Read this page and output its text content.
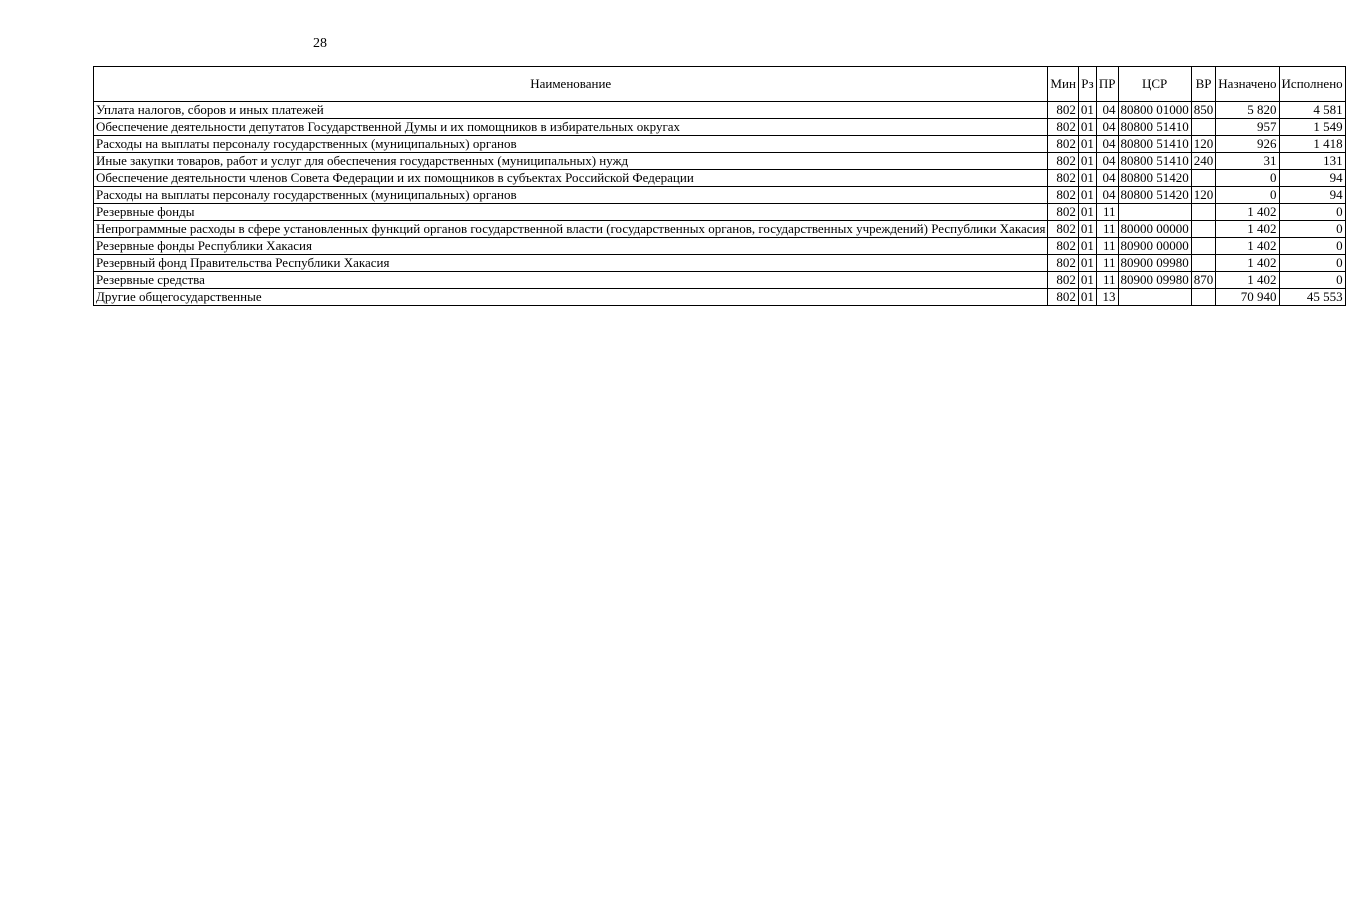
28
Наименование	Мин	Рз	ПР	ЦСР	ВР	Назначено	Исполнено
Уплата налогов, сборов и иных платежей	802	01	04	80800 01000	850	5 820	4 581
Обеспечение деятельности депутатов Государственной Думы и их помощников в избирательных округах	802	01	04	80800 51410		957	1 549
Расходы на выплаты персоналу государственных (муниципальных) органов	802	01	04	80800 51410	120	926	1 418
Иные закупки товаров, работ и услуг для обеспечения государственных (муниципальных) нужд	802	01	04	80800 51410	240	31	131
Обеспечение деятельности членов Совета Федерации и их помощников в субъектах Российской Федерации	802	01	04	80800 51420		0	94
Расходы на выплаты персоналу государственных (муниципальных) органов	802	01	04	80800 51420	120	0	94
Резервные фонды	802	01	11			1 402	0
Непрограммные расходы в сфере установленных функций органов государственной власти (государственных органов, государственных учреждений) Республики Хакасия	802	01	11	80000 00000		1 402	0
Резервные фонды Республики Хакасия	802	01	11	80900 00000		1 402	0
Резервный фонд Правительства Республики Хакасия	802	01	11	80900 09980		1 402	0
Резервные средства	802	01	11	80900 09980	870	1 402	0
Другие общегосударственные	802	01	13			70 940	45 553
